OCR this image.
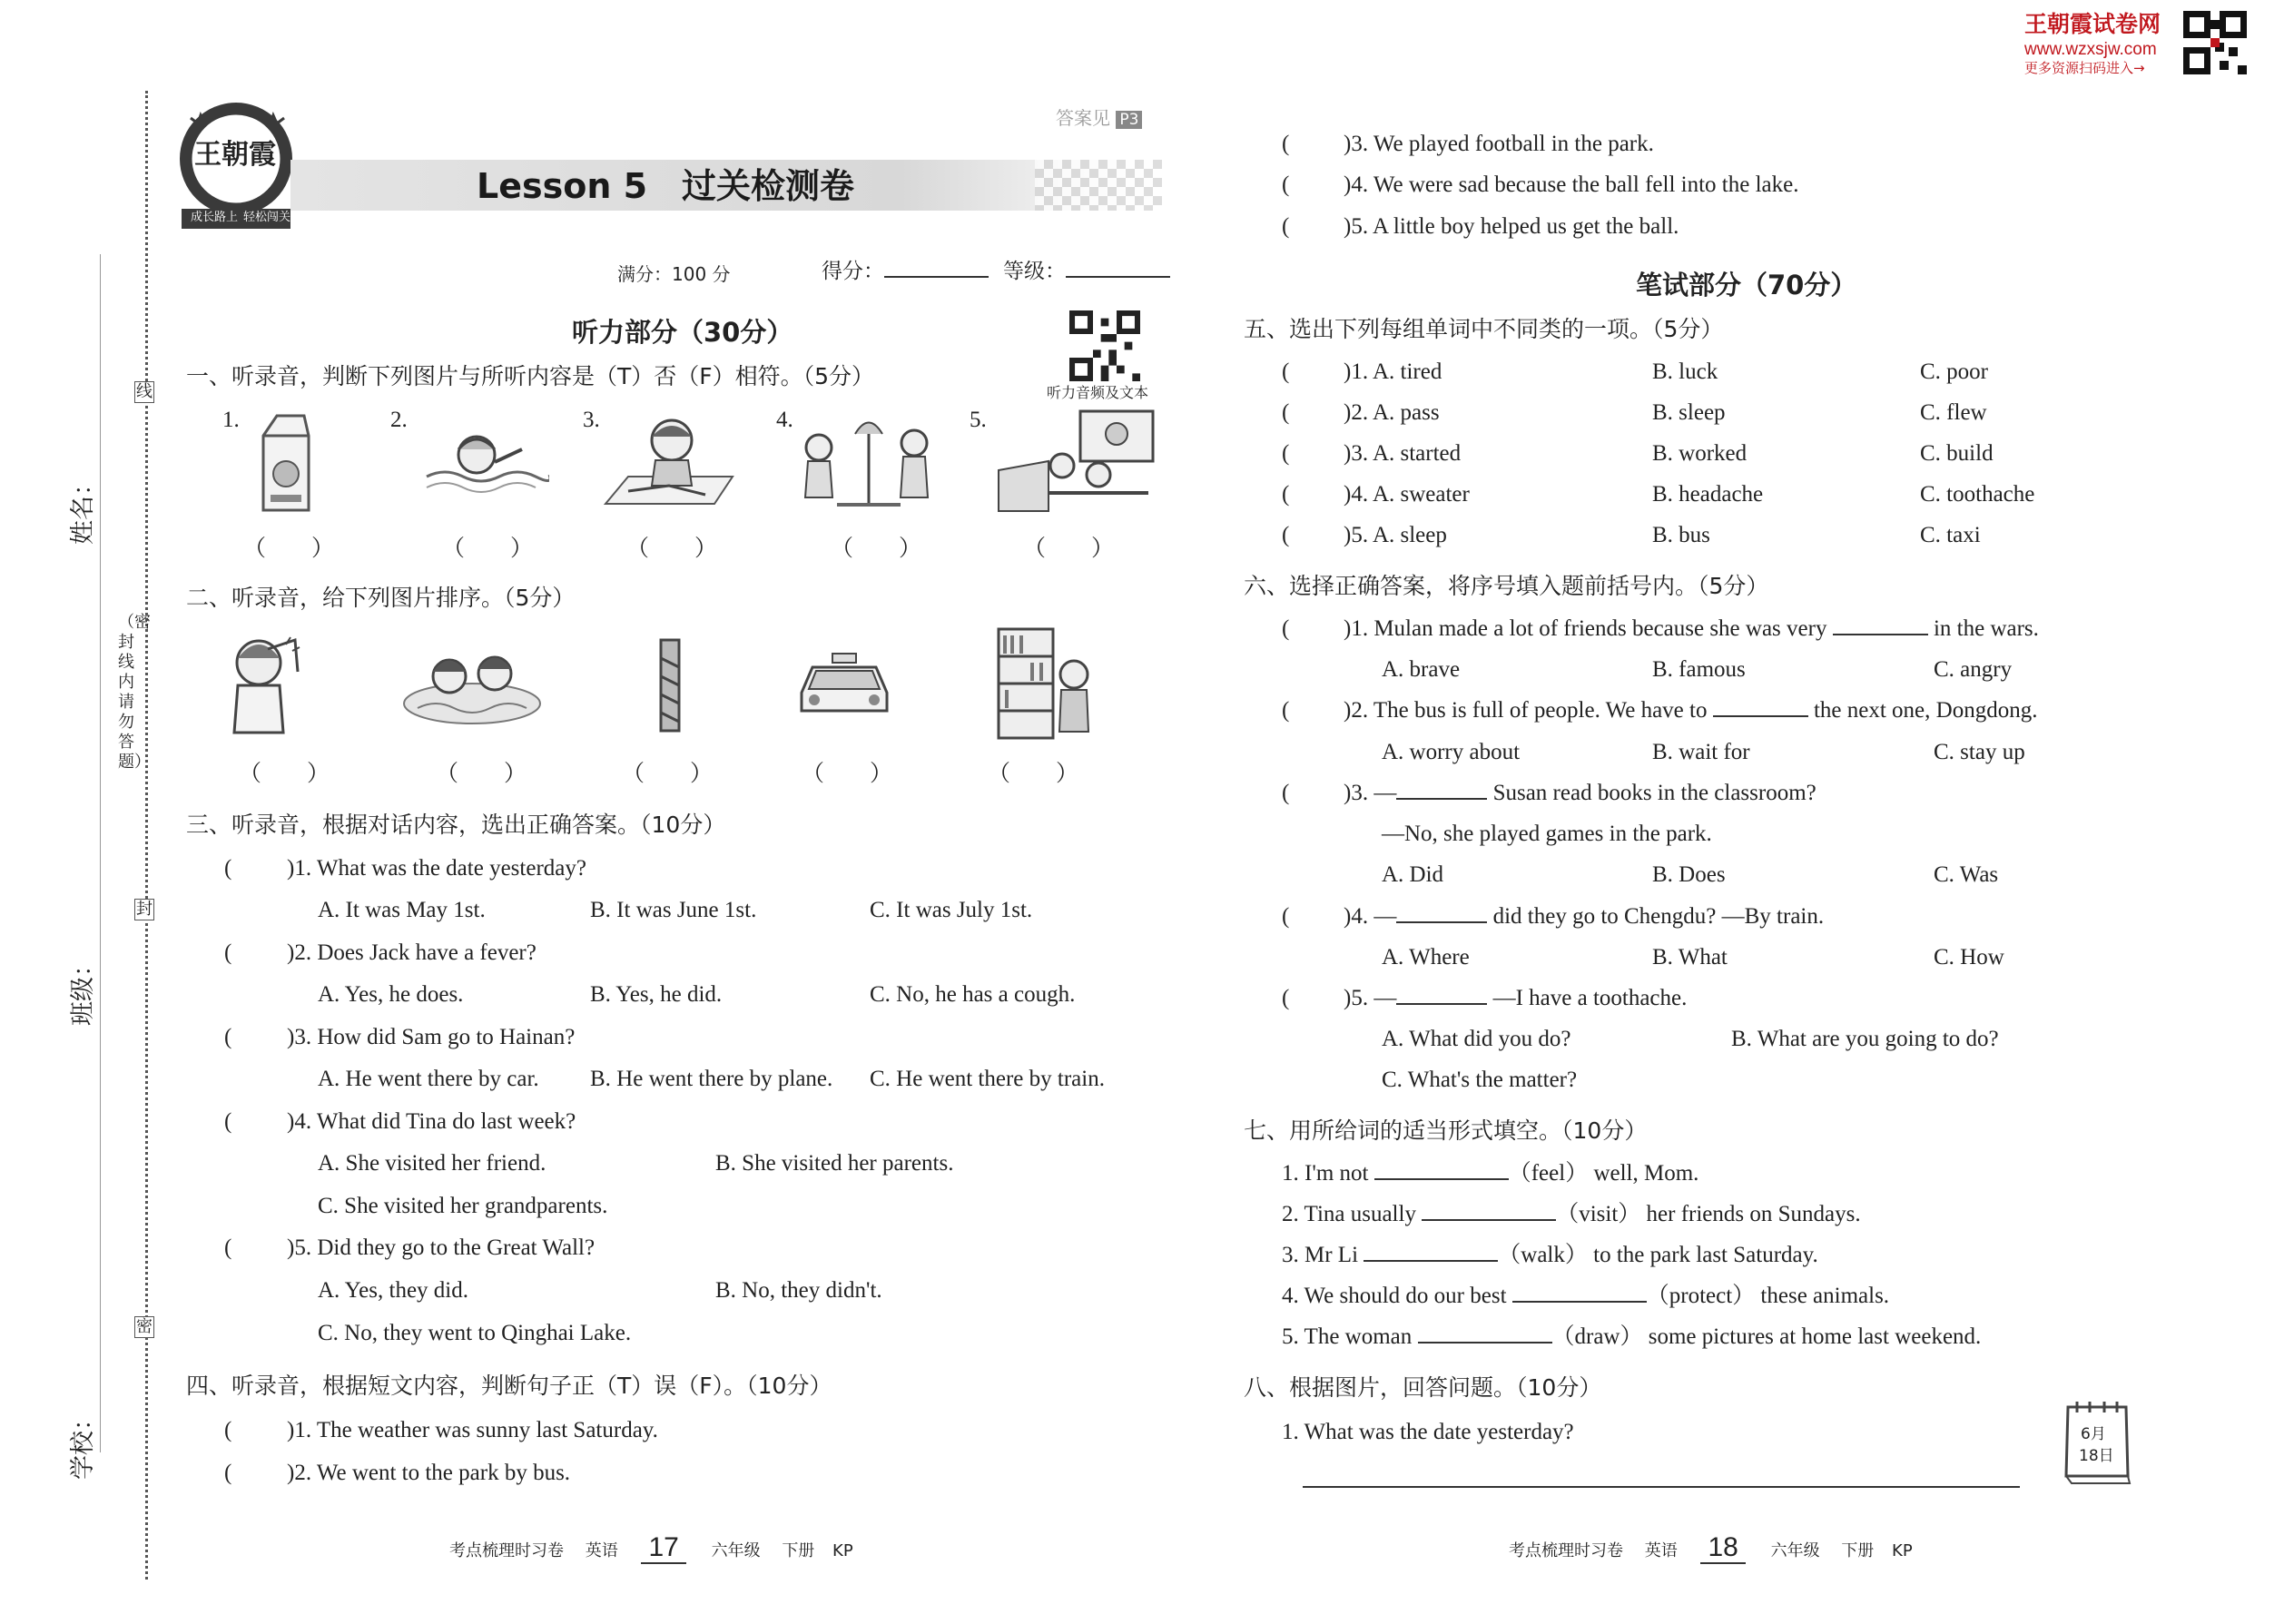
姓名：
班级：
学校：
线
封
密
（密封线内请勿答题）
王朝霞试卷网
www.wzxsjw.com
更多资源扫码进入→
王朝霞
成长路上 轻松闯关
Lesson 5　过关检测卷
答案见 P3
满分：100 分	得分：	等级：
听力部分（30分）
听力音频及文本
一、听录音，判断下列图片与所听内容是（T）否（F）相符。（5分）
1.	2.	3.	4.	5.
（　　）	（　　）	（　　）	（　　）	（　　）
二、听录音，给下列图片排序。（5分）
（　　）	（　　）	（　　）	（　　）	（　　）
三、听录音，根据对话内容，选出正确答案。（10分）
( )1. What was the date yesterday?
A. It was May 1st.	B. It was June 1st.	C. It was July 1st.
( )2. Does Jack have a fever?
A. Yes, he does.	B. Yes, he did.	C. No, he has a cough.
( )3. How did Sam go to Hainan?
A. He went there by car. B. He went there by plane. C. He went there by train.
( )4. What did Tina do last week?
A. She visited her friend.	B. She visited her parents.
C. She visited her grandparents.
( )5. Did they go to the Great Wall?
A. Yes, they did.	B. No, they didn't.
C. No, they went to Qinghai Lake.
四、听录音，根据短文内容，判断句子正（T）误（F）。（10分）
( )1. The weather was sunny last Saturday.
( )2. We went to the park by bus.
考点梳理时习卷 英语 17 六年级 下册 KP
( )3. We played football in the park.
( )4. We were sad because the ball fell into the lake.
( )5. A little boy helped us get the ball.
笔试部分（70分）
五、选出下列每组单词中不同类的一项。（5分）
( )1. A. tired	B. luck	C. poor
( )2. A. pass	B. sleep	C. flew
( )3. A. started	B. worked	C. build
( )4. A. sweater	B. headache	C. toothache
( )5. A. sleep	B. bus	C. taxi
六、选择正确答案，将序号填入题前括号内。（5分）
( )1. Mulan made a lot of friends because she was very	in the wars.
A. brave	B. famous	C. angry
( )2. The bus is full of people. We have to	the next one, Dongdong.
A. worry about	B. wait for	C. stay up
( )3. —	Susan read books in the classroom?
—No, she played games in the park.
A. Did	B. Does	C. Was
( )4. —	did they go to Chengdu? —By train.
A. Where	B. What	C. How
( )5. —	—I have a toothache.
A. What did you do?	B. What are you going to do?
C. What's the matter?
七、用所给词的适当形式填空。（10分）
1. I'm not	（feel） well, Mom.
2. Tina usually	（visit） her friends on Sundays.
3. Mr Li	（walk） to the park last Saturday.
4. We should do our best	（protect） these animals.
5. The woman	（draw） some pictures at home last weekend.
八、根据图片，回答问题。（10分）
1. What was the date yesterday?	6月
18日
考点梳理时习卷 英语 18 六年级 下册 KP
